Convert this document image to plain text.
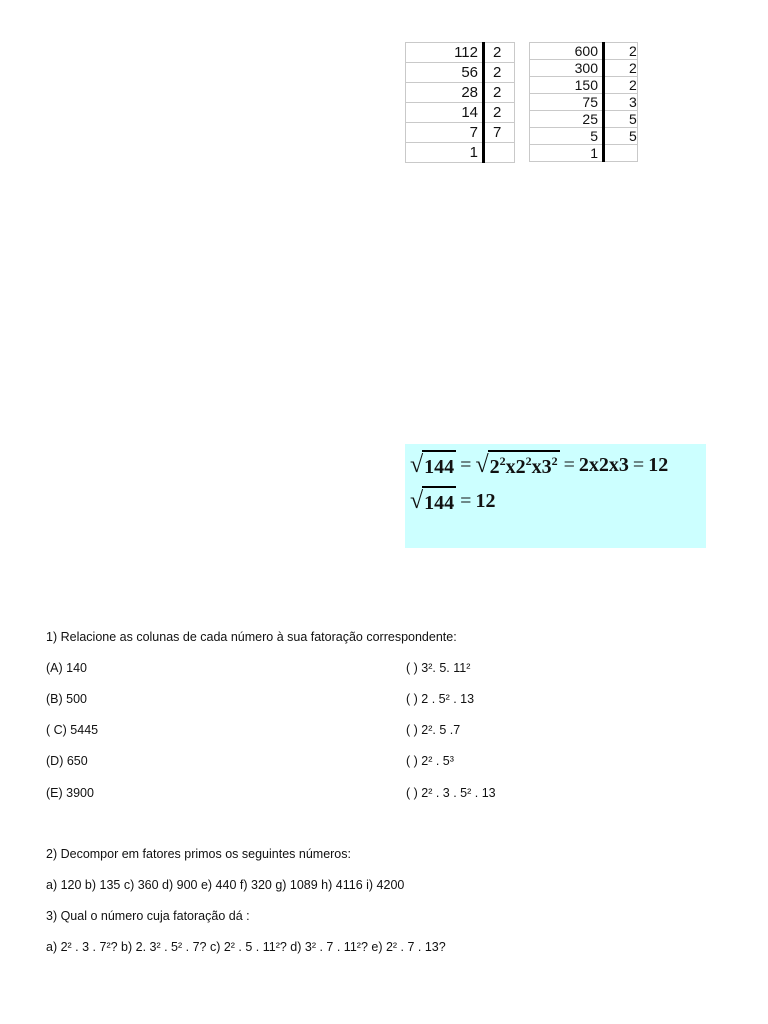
112	2
56	2
28	2
14	2
7	7
1	
600	2
300	2
150	2
75	3
25	5
5	5
1	
√ 144 = √ $2^2x2^2x3^2 = 2x2x3 = 12$
√ 144 = 12
1) Relacione as colunas de cada número à sua fatoração correspondente:
(A) 140	( ) 3². 5. 11²
(B) 500	( ) 2 . 5² . 13
( C) 5445	( ) 2². 5 .7
(D) 650	( ) 2² . 5³
(E) 3900	( ) 2² . 3 . 5² . 13
2) Decompor em fatores primos os seguintes números:
a) 120 b) 135 c) 360 d) 900 e) 440 f) 320 g) 1089 h) 4116 i) 4200
3) Qual o número cuja fatoração dá :
a) 2² . 3 . 7²? b) 2. 3² . 5² . 7? c) 2² . 5 . 11²? d) 3² . 7 . 11²? e) 2² . 7 . 13?
